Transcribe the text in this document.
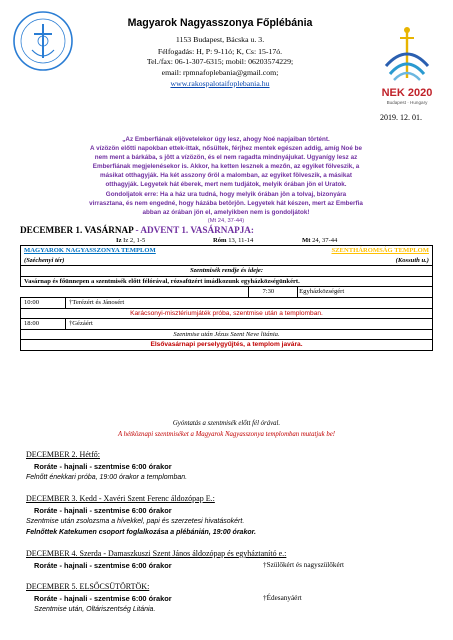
Magyarok Nagyasszonya Főplébánia
1153 Budapest, Bácska u. 3.
Félfogadás: H, P: 9-11ó; K, Cs: 15-17ó.
Tel./fax: 06-1-307-6315; mobil: 06203574229;
email: rpmnafoplebania@gmail.com;
www.rakospalotaifoplebania.hu
NEK 2020
Budapest · Hungary
2019. 12. 01.
„Az Emberfiának eljövetelekor úgy lesz, ahogy Noé napjaiban történt.
A vízözön előtti napokban ettek-ittak, nősültek, férjhez mentek egészen addig, amíg Noé be
nem ment a bárkába, s jött a vízözön, és el nem ragadta mindnyájukat. Ugyanígy lesz az
Emberfiának megjelenésekor is. Akkor, ha ketten lesznek a mezőn, az egyiket fölveszik, a
másikat otthagyják. Ha két asszony őröl a malomban, az egyiket fölveszik, a másikat
otthagyják. Legyetek hát éberek, mert nem tudjátok, melyik órában jön el Uratok.
Gondoljatok erre: Ha a ház ura tudná, hogy melyik órában jön a tolvaj, bizonyára
virrasztana, és nem engedné, hogy házába betörjön. Legyetek hát készen, mert az Emberfia
abban az órában jön el, amelyikben nem is gondoljátok!
(Mt 24, 37-44)
DECEMBER 1. VASÁRNAP - ADVENT 1. VASÁRNAPJA:
Iz Iz 2, 1-5	Róm 13, 11-14	Mt 24, 37-44
MAGYAROK NAGYASSZONYA TEMPLOM SZENTHÁROMSÁG TEMPLOM		

(Széchenyi tér) (Kossuth u.)		

Szentmisék rendje és ideje:		
Vasárnap és főünnepen a szentmisék előtt félórával, rózsafüzért imádkozunk egyházközségünkért.		
		7:30 Egyházközségért
10:00	†Terézért és Jánosért	
Karácsonyi-misztériumjáték próba, szentmise után a templomban.		
18:00	†Gézáért	
Szentmise után Jézus Szent Neve litánia.		
Elsővasárnapi perselygyűjtés, a templom javára.		
Gyóntatás a szentmisék előtt fél órával.
A hétköznapi szentmiséket a Magyarok Nagyasszonya templomban mutatjuk be!
DECEMBER 2. Hétfő:
Roráte - hajnali - szentmise 6:00 órakor
Felnőtt énekkari próba, 19:00 órakor a templomban.
DECEMBER 3. Kedd - Xavéri Szent Ferenc áldozópap E.:
Roráte - hajnali - szentmise 6:00 órakor
Szentmise után zsolozsma a hívekkel, papi és szerzetesi hivatásokért.
Felnőttek Katekumen csoport foglalkozása a plébánián, 19:00 órakor.
DECEMBER 4. Szerda - Damaszkuszi Szent János áldozópap és egyháztanító e.:
Roráte - hajnali - szentmise 6:00 órakor	†Szülőkért és nagyszülőkért
DECEMBER 5. ELSŐCSÜTÖRTÖK:
Roráte - hajnali - szentmise 6:00 órakor	†Édesanyáért
Szentmise után, Oltáriszentség Litánia.
